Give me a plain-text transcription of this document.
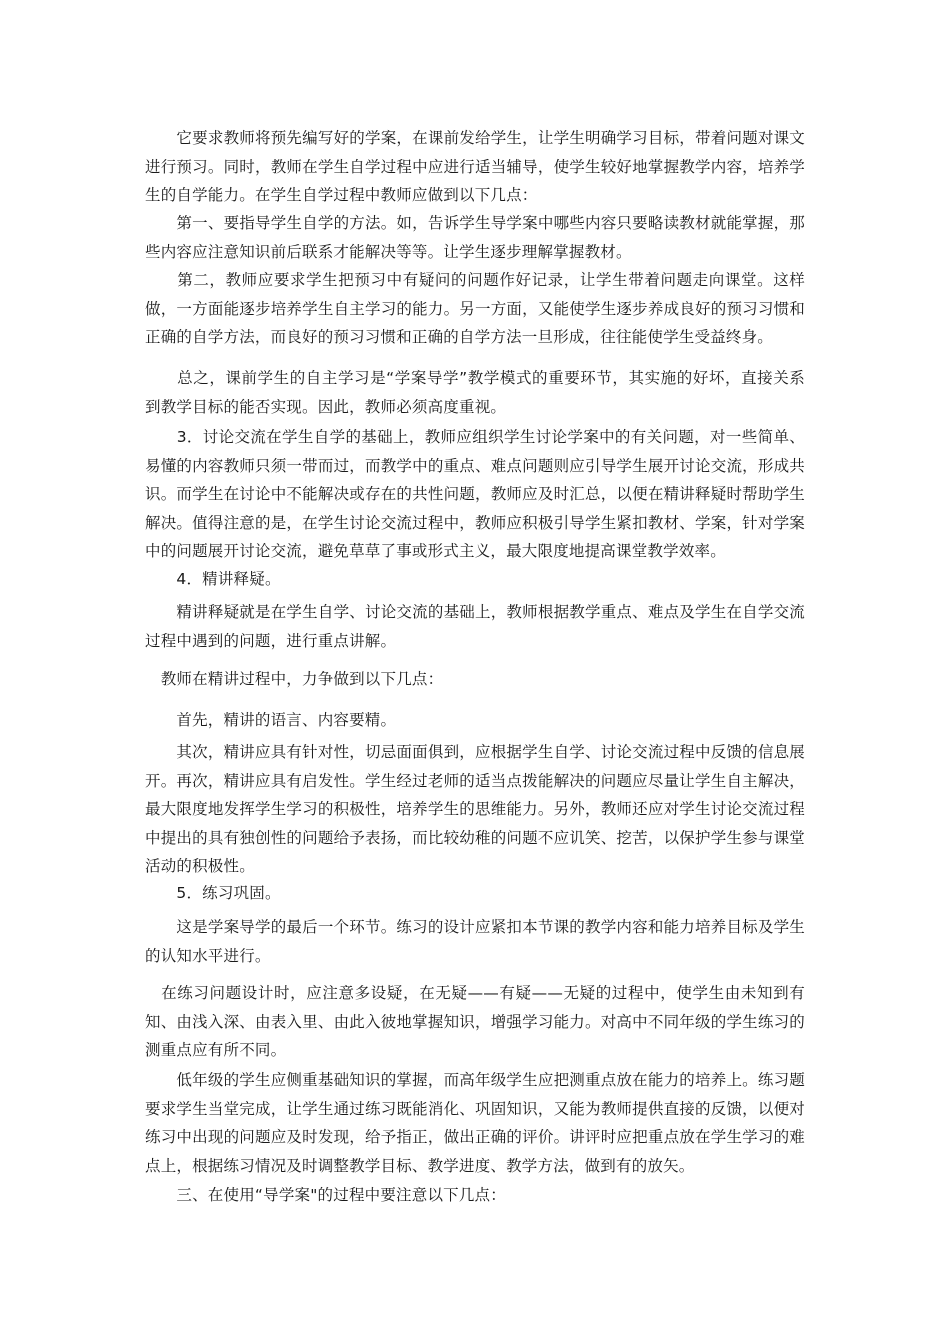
　　它要求教师将预先编写好的学案，在课前发给学生，让学生明确学习目标，带着问题对课文进行预习。同时，教师在学生自学过程中应进行适当辅导，使学生较好地掌握教学内容，培养学生的自学能力。在学生自学过程中教师应做到以下几点：

　　第一、要指导学生自学的方法。如，告诉学生导学案中哪些内容只要略读教材就能掌握，那些内容应注意知识前后联系才能解决等等。让学生逐步理解掌握教材。

　　第二，教师应要求学生把预习中有疑问的问题作好记录，让学生带着问题走向课堂。这样做，一方面能逐步培养学生自主学习的能力。另一方面，又能使学生逐步养成良好的预习习惯和正确的自学方法，而良好的预习习惯和正确的自学方法一旦形成，往往能使学生受益终身。

　　总之，课前学生的自主学习是“学案导学”教学模式的重要环节，其实施的好坏，直接关系到教学目标的能否实现。因此，教师必须高度重视。

　　3．讨论交流在学生自学的基础上，教师应组织学生讨论学案中的有关问题，对一些简单、易懂的内容教师只须一带而过，而教学中的重点、难点问题则应引导学生展开讨论交流，形成共识。而学生在讨论中不能解决或存在的共性问题，教师应及时汇总，以便在精讲释疑时帮助学生解决。值得注意的是，在学生讨论交流过程中，教师应积极引导学生紧扣教材、学案，针对学案中的问题展开讨论交流，避免草草了事或形式主义，最大限度地提高课堂教学效率。

　　4．精讲释疑。

　　精讲释疑就是在学生自学、讨论交流的基础上，教师根据教学重点、难点及学生在自学交流过程中遇到的问题，进行重点讲解。

　教师在精讲过程中，力争做到以下几点：

　　首先，精讲的语言、内容要精。

　　其次，精讲应具有针对性，切忌面面俱到，应根据学生自学、讨论交流过程中反馈的信息展开。再次，精讲应具有启发性。学生经过老师的适当点拨能解决的问题应尽量让学生自主解决，最大限度地发挥学生学习的积极性，培养学生的思维能力。另外，教师还应对学生讨论交流过程中提出的具有独创性的问题给予表扬，而比较幼稚的问题不应讥笑、挖苦，以保护学生参与课堂活动的积极性。

　　5．练习巩固。

　　这是学案导学的最后一个环节。练习的设计应紧扣本节课的教学内容和能力培养目标及学生的认知水平进行。

　在练习问题设计时，应注意多设疑，在无疑——有疑——无疑的过程中，使学生由未知到有知、由浅入深、由表入里、由此入彼地掌握知识，增强学习能力。对高中不同年级的学生练习的测重点应有所不同。

　　低年级的学生应侧重基础知识的掌握，而高年级学生应把测重点放在能力的培养上。练习题要求学生当堂完成，让学生通过练习既能消化、巩固知识，又能为教师提供直接的反馈，以便对练习中出现的问题应及时发现，给予指正，做出正确的评价。讲评时应把重点放在学生学习的难点上，根据练习情况及时调整教学目标、教学进度、教学方法，做到有的放矢。

　　三、在使用“导学案"的过程中要注意以下几点：
